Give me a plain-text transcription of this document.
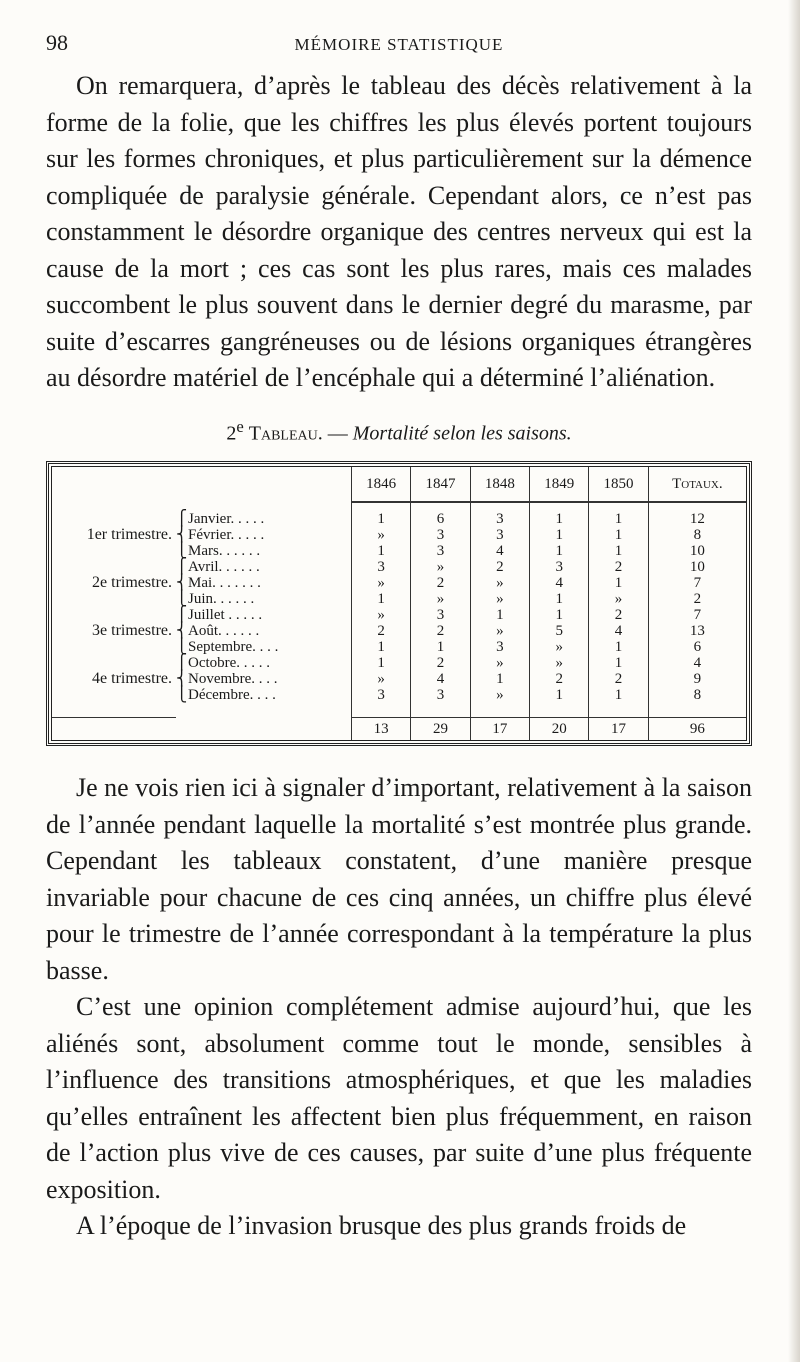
98	MÉMOIRE STATISTIQUE

On remarquera, d’après le tableau des décès relativement à la forme de la folie, que les chiffres les plus élevés portent toujours sur les formes chroniques, et plus particulièrement sur la démence compliquée de paralysie générale. Cependant alors, ce n’est pas constamment le désordre organique des centres nerveux qui est la cause de la mort ; ces cas sont les plus rares, mais ces malades succombent le plus souvent dans le dernier degré du marasme, par suite d’escarres gangréneuses ou de lésions organiques étrangères au désordre matériel de l’encéphale qui a déterminé l’aliénation.

2e Tableau. — Mortalité selon les saisons.
		1846	1847	1848	1849	1850	Totaux.

1er trimestre.	⎧Janvier. . . . .	1	6	3	1	1	12
	⎨Février. . . . .	»	3	3	1	1	8
	⎩Mars. . . . . .	1	3	4	1	1	10
2e trimestre.	⎧Avril. . . . . .	3	»	2	3	2	10
	⎨Mai. . . . . . .	»	2	»	4	1	7
	⎩Juin. . . . . .	1	»	»	1	»	2
3e trimestre.	⎧Juillet . . . . .	»	3	1	1	2	7
	⎨Août. . . . . .	2	2	»	5	4	13
	⎩Septembre. . . .	1	1	3	»	1	6
4e trimestre.	⎧Octobre. . . . .	1	2	»	»	1	4
	⎨Novembre. . . .	»	4	1	2	2	9
	⎩Décembre. . . .	3	3	»	1	1	8

		13	29	17	20	17	96

Je ne vois rien ici à signaler d’important, relativement à la saison de l’année pendant laquelle la mortalité s’est montrée plus grande. Cependant les tableaux constatent, d’une manière presque invariable pour chacune de ces cinq années, un chiffre plus élevé pour le trimestre de l’année correspondant à la température la plus basse.

C’est une opinion complétement admise aujourd’hui, que les aliénés sont, absolument comme tout le monde, sensibles à l’influence des transitions atmosphériques, et que les maladies qu’elles entraînent les affectent bien plus fréquemment, en raison de l’action plus vive de ces causes, par suite d’une plus fréquente exposition.

A l’époque de l’invasion brusque des plus grands froids de
